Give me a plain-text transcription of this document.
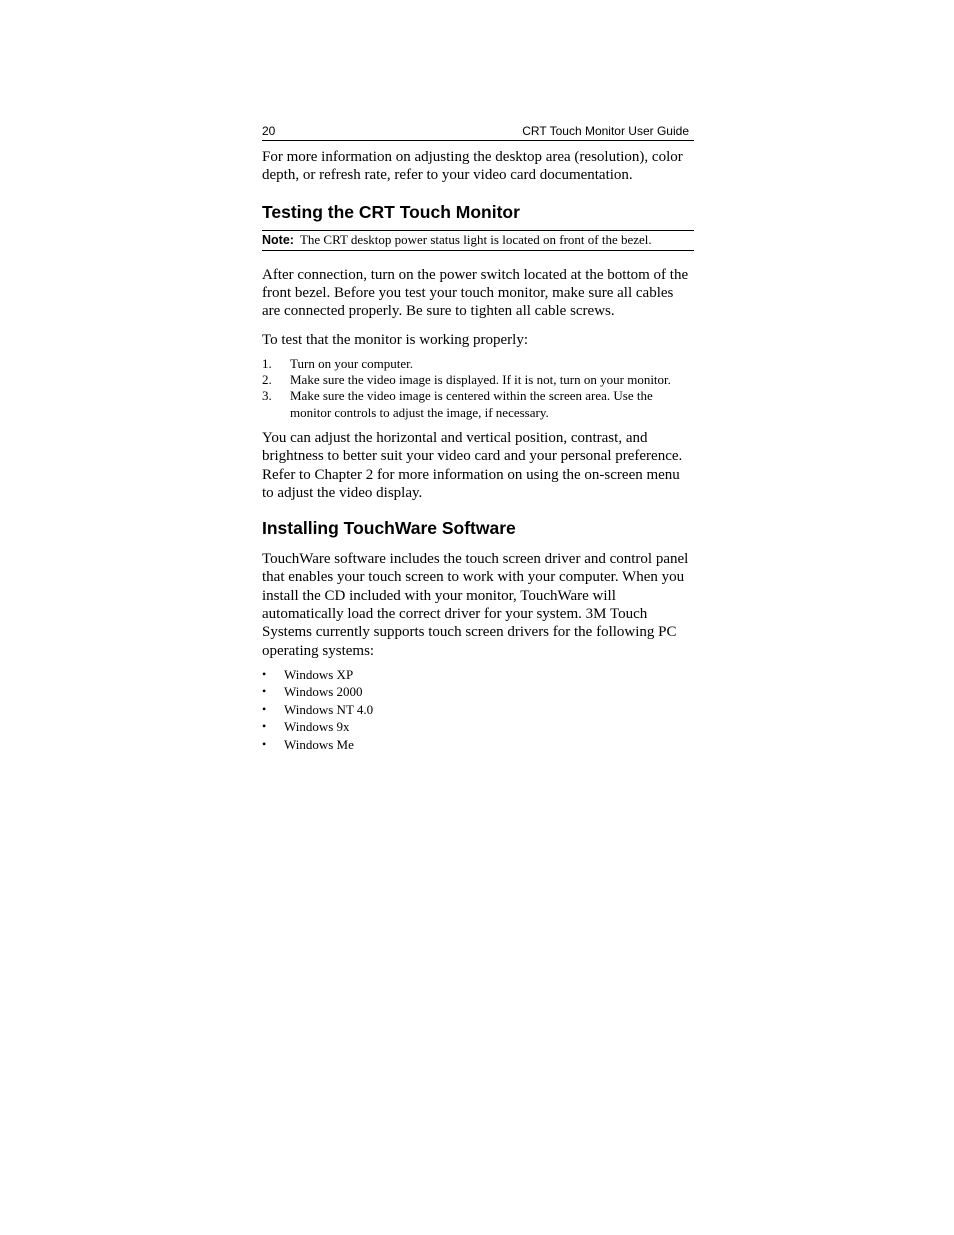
20	CRT Touch Monitor User Guide

For more information on adjusting the desktop area (resolution), color depth, or refresh rate, refer to your video card documentation.

Testing the CRT Touch Monitor
Note: The CRT desktop power status light is located on front of the bezel.

After connection, turn on the power switch located at the bottom of the front bezel. Before you test your touch monitor, make sure all cables are connected properly. Be sure to tighten all cable screws.

To test that the monitor is working properly:

1.	Turn on your computer.
2.	Make sure the video image is displayed. If it is not, turn on your monitor.
3.	Make sure the video image is centered within the screen area. Use the monitor controls to adjust the image, if necessary.

You can adjust the horizontal and vertical position, contrast, and brightness to better suit your video card and your personal preference. Refer to Chapter 2 for more information on using the on-screen menu to adjust the video display.

Installing TouchWare Software

TouchWare software includes the touch screen driver and control panel that enables your touch screen to work with your computer. When you install the CD included with your monitor, TouchWare will automatically load the correct driver for your system. 3M Touch Systems currently supports touch screen drivers for the following PC operating systems:

•	Windows XP
•	Windows 2000
•	Windows NT 4.0
•	Windows 9x
•	Windows Me
